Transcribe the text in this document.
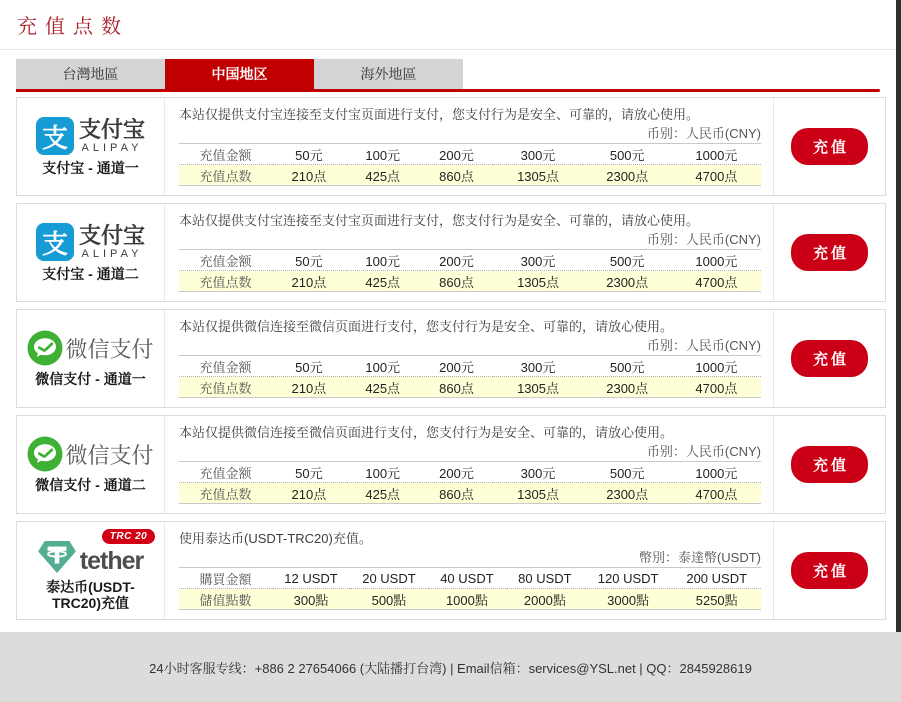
充值点数
台灣地區	中国地区	海外地區
支 支付宝
ALIPAY
支付宝 - 通道一
本站仅提供支付宝连接至支付宝页面进行支付，您支付行为是安全、可靠的，请放心使用。
币别：人民币(CNY)
充值金额	50元	100元	200元	300元	500元	1000元
充值点数	210点	425点	860点	1305点	2300点	4700点
充值
支 支付宝
ALIPAY
支付宝 - 通道二
本站仅提供支付宝连接至支付宝页面进行支付，您支付行为是安全、可靠的，请放心使用。
币别：人民币(CNY)
充值金额	50元	100元	200元	300元	500元	1000元
充值点数	210点	425点	860点	1305点	2300点	4700点
充值
微信支付
微信支付 - 通道一
本站仅提供微信连接至微信页面进行支付，您支付行为是安全、可靠的，请放心使用。
币别：人民币(CNY)
充值金额	50元	100元	200元	300元	500元	1000元
充值点数	210点	425点	860点	1305点	2300点	4700点
充值
微信支付
微信支付 - 通道二
本站仅提供微信连接至微信页面进行支付，您支付行为是安全、可靠的，请放心使用。
币别：人民币(CNY)
充值金额	50元	100元	200元	300元	500元	1000元
充值点数	210点	425点	860点	1305点	2300点	4700点
充值
tether
TRC 20
泰达币(USDT-TRC20)充值
使用泰达币(USDT-TRC20)充值。
幣別：泰達幣(USDT)
購買金額	12 USDT	20 USDT	40 USDT	80 USDT	120 USDT	200 USDT
儲值點數	300點	500點	1000點	2000點	3000點	5250點
充值
24小时客服专线：+886 2 27654066 (大陆播打台湾) | Email信箱：services@YSL.net | QQ：2845928619
